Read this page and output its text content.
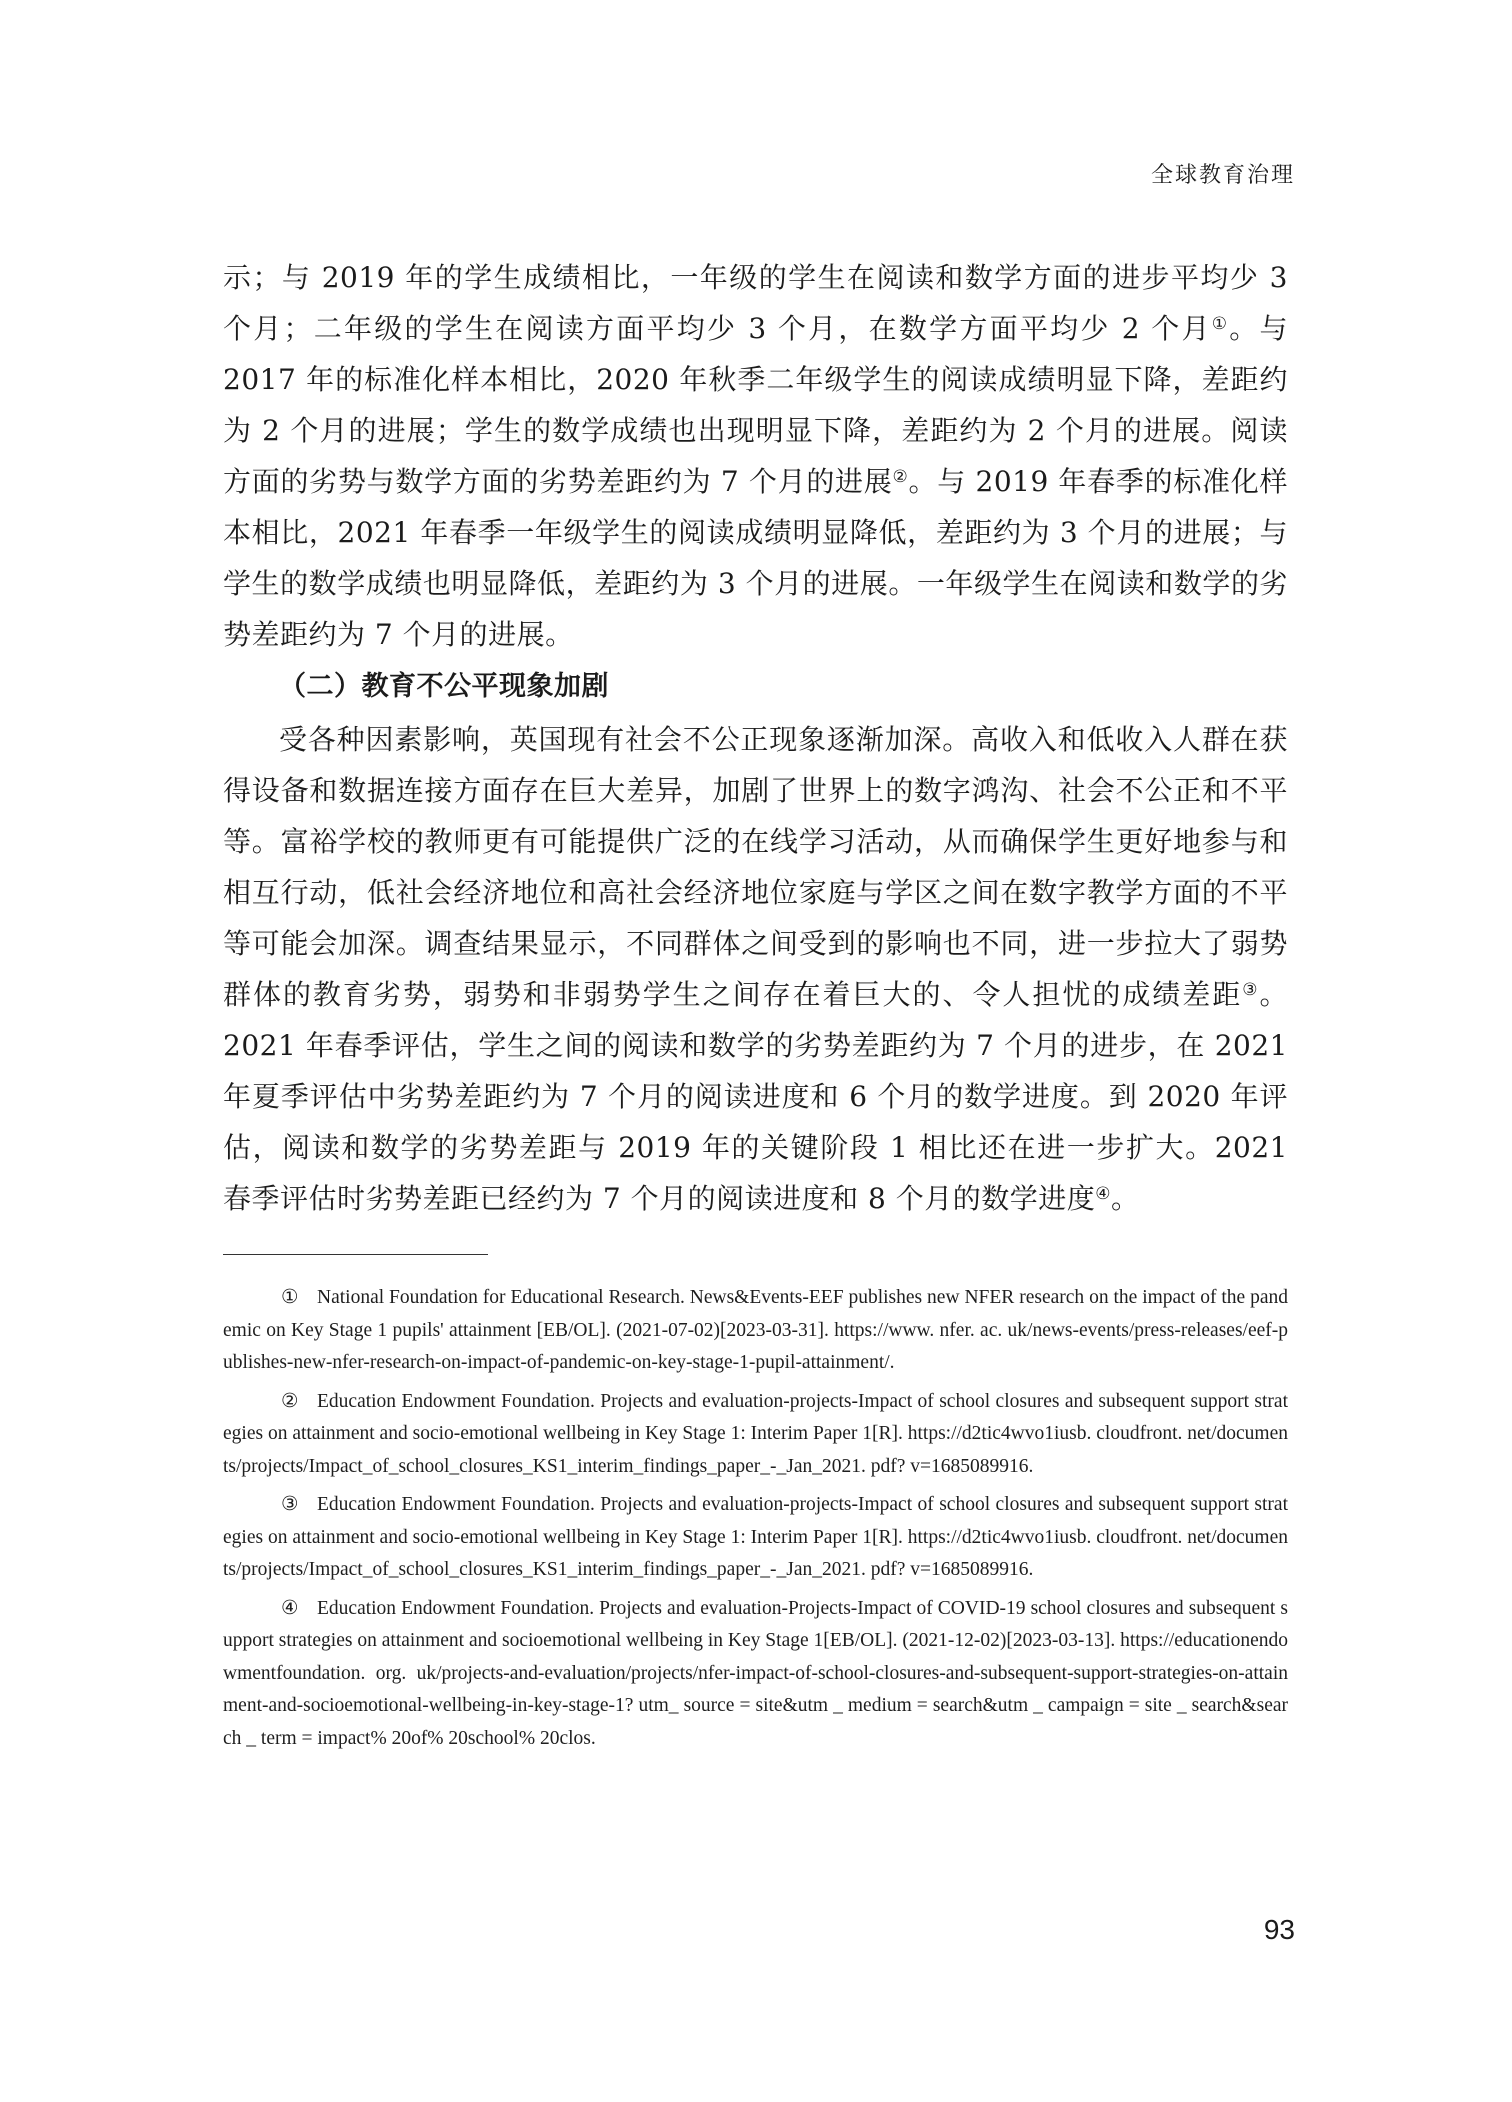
全球教育治理

示；与 2019 年的学生成绩相比，一年级的学生在阅读和数学方面的进步平均少 3 个月；二年级的学生在阅读方面平均少 3 个月，在数学方面平均少 2 个月①。与 2017 年的标准化样本相比，2020 年秋季二年级学生的阅读成绩明显下降，差距约为 2 个月的进展；学生的数学成绩也出现明显下降，差距约为 2 个月的进展。阅读方面的劣势与数学方面的劣势差距约为 7 个月的进展②。与 2019 年春季的标准化样本相比，2021 年春季一年级学生的阅读成绩明显降低，差距约为 3 个月的进展；与学生的数学成绩也明显降低，差距约为 3 个月的进展。一年级学生在阅读和数学的劣势差距约为 7 个月的进展。

（二）教育不公平现象加剧

受各种因素影响，英国现有社会不公正现象逐渐加深。高收入和低收入人群在获得设备和数据连接方面存在巨大差异，加剧了世界上的数字鸿沟、社会不公正和不平等。富裕学校的教师更有可能提供广泛的在线学习活动，从而确保学生更好地参与和相互行动，低社会经济地位和高社会经济地位家庭与学区之间在数字教学方面的不平等可能会加深。调查结果显示，不同群体之间受到的影响也不同，进一步拉大了弱势群体的教育劣势，弱势和非弱势学生之间存在着巨大的、令人担忧的成绩差距③。2021 年春季评估，学生之间的阅读和数学的劣势差距约为 7 个月的进步，在 2021 年夏季评估中劣势差距约为 7 个月的阅读进度和 6 个月的数学进度。到 2020 年评估，阅读和数学的劣势差距与 2019 年的关键阶段 1 相比还在进一步扩大。2021 春季评估时劣势差距已经约为 7 个月的阅读进度和 8 个月的数学进度④。

① National Foundation for Educational Research. News&Events-EEF publishes new NFER research on the impact of the pandemic on Key Stage 1 pupils' attainment [EB/OL]. (2021-07-02)[2023-03-31]. https://www. nfer. ac. uk/news-events/press-releases/eef-publishes-new-nfer-research-on-impact-of-pandemic-on-key-stage-1-pupil-attainment/.

② Education Endowment Foundation. Projects and evaluation-projects-Impact of school closures and subsequent support strategies on attainment and socio-emotional wellbeing in Key Stage 1: Interim Paper 1[R]. https://d2tic4wvo1iusb. cloudfront. net/documents/projects/Impact_of_school_closures_KS1_interim_findings_paper_-_Jan_2021. pdf? v=1685089916.

③ Education Endowment Foundation. Projects and evaluation-projects-Impact of school closures and subsequent support strategies on attainment and socio-emotional wellbeing in Key Stage 1: Interim Paper 1[R]. https://d2tic4wvo1iusb. cloudfront. net/documents/projects/Impact_of_school_closures_KS1_interim_findings_paper_-_Jan_2021. pdf? v=1685089916.

④ Education Endowment Foundation. Projects and evaluation-Projects-Impact of COVID-19 school closures and subsequent support strategies on attainment and socioemotional wellbeing in Key Stage 1[EB/OL]. (2021-12-02)[2023-03-13]. https://educationendowmentfoundation. org. uk/projects-and-evaluation/projects/nfer-impact-of-school-closures-and-subsequent-support-strategies-on-attainment-and-socioemotional-wellbeing-in-key-stage-1? utm_ source = site&utm _ medium = search&utm _ campaign = site _ search&search _ term = impact% 20of% 20school% 20clos.

93
